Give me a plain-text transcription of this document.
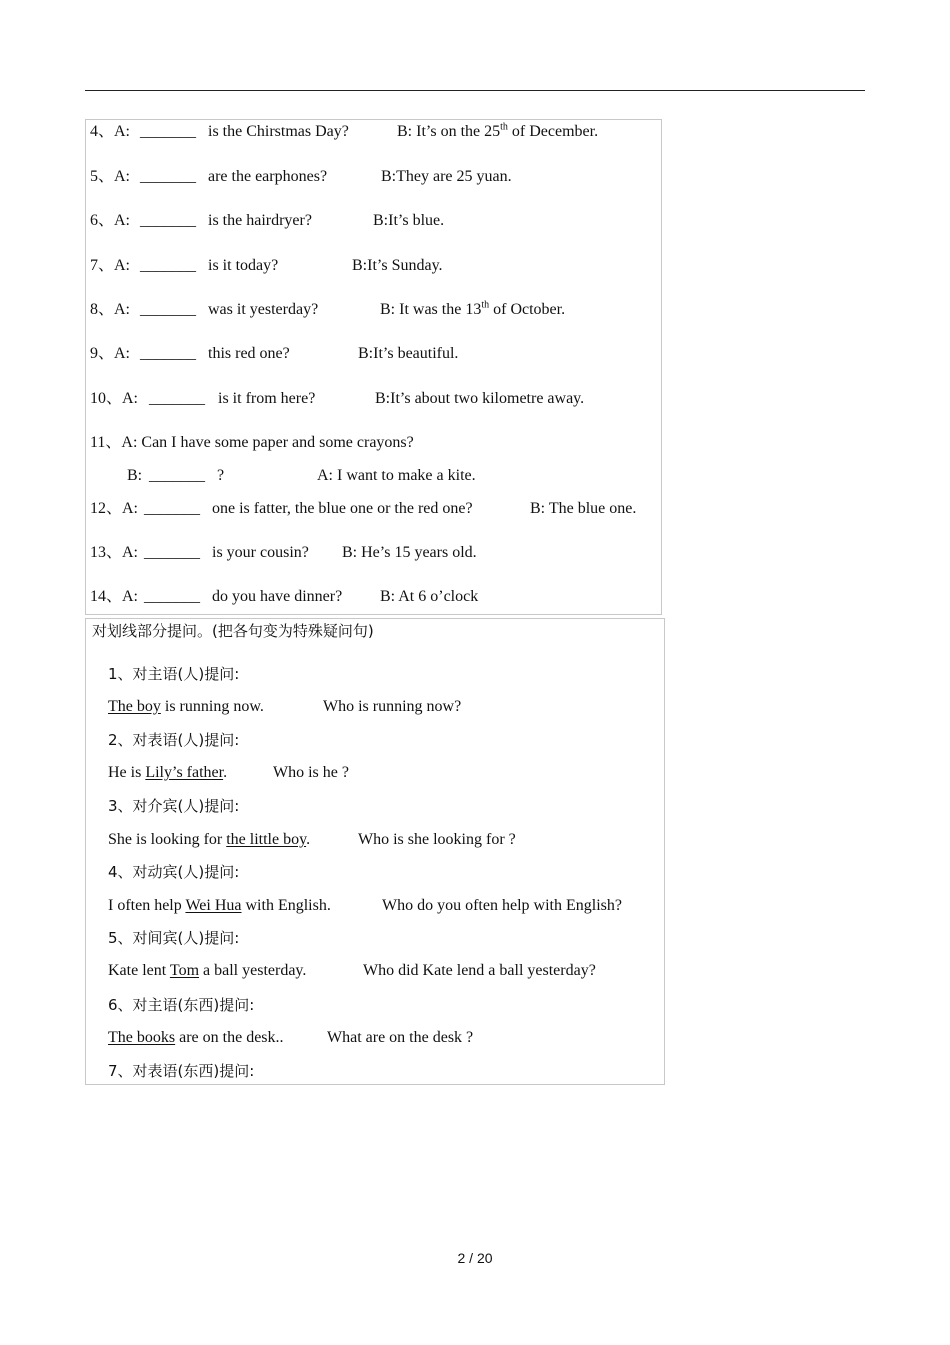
4、A: _______ is the Chirstmas Day?	B: It’s on the 25th of December.
5、A: _______ are the earphones?	B:They are 25 yuan.
6、A: _______ is the hairdryer?	B:It’s blue.
7、A: _______ is it today?	B:It’s Sunday.
8、A: _______ was it yesterday?	B: It was the 13th of October.
9、A: _______ this red one?	B:It’s beautiful.
10、A: _______ is it from here?	B:It’s about two kilometre away.
11、A: Can I have some paper and some crayons?
B: _______ ?	A: I want to make a kite.
12、A: _______ one is fatter, the blue one or the red one?	B: The blue one.
13、A: _______ is your cousin? B: He’s 15 years old.
14、A: _______ do you have dinner? B: At 6 o’clock
对划线部分提问。(把各句变为特殊疑问句)
1、对主语(人)提问:
The boy is running now.	Who is running now?
2、对表语(人)提问:
He is Lily’s father.	Who is he ?
3、对介宾(人)提问:
She is looking for the little boy.	Who is she looking for ?
4、对动宾(人)提问:
I often help Wei Hua with English.	Who do you often help with English?
5、对间宾(人)提问:
Kate lent Tom a ball yesterday.	Who did Kate lend a ball yesterday?
6、对主语(东西)提问:
The books are on the desk..	What are on the desk ?
7、对表语(东西)提问:
2 / 20
